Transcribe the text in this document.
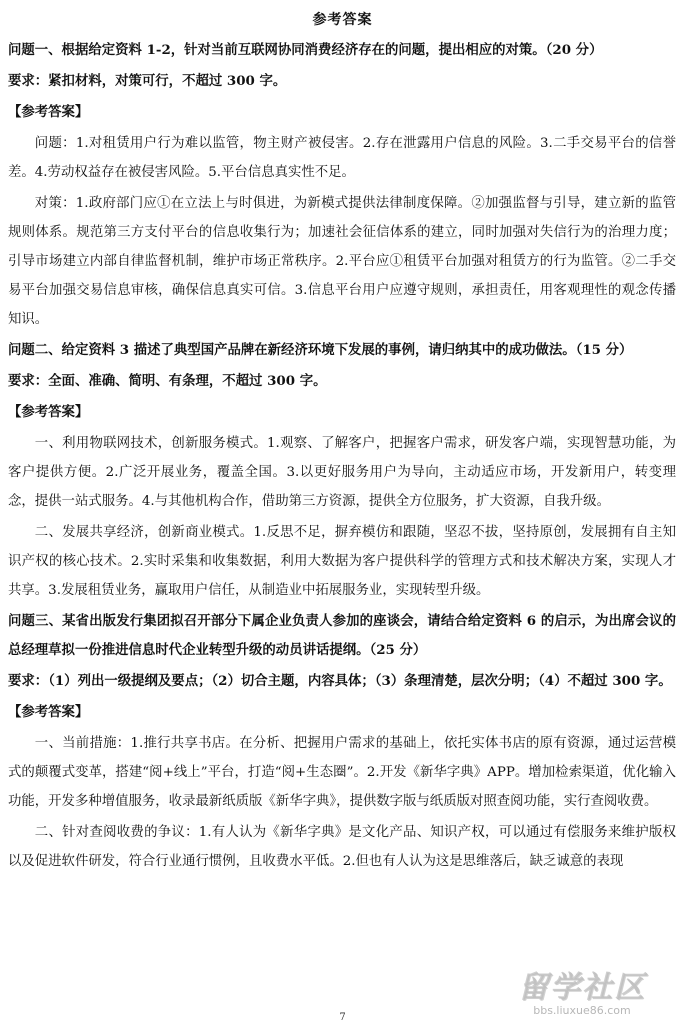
参考答案

问题一、根据给定资料 1-2，针对当前互联网协同消费经济存在的问题，提出相应的对策。（20 分）

要求：紧扣材料，对策可行，不超过 300 字。

【参考答案】

问题：1.对租赁用户行为难以监管，物主财产被侵害。2.存在泄露用户信息的风险。3.二手交易平台的信誉差。4.劳动权益存在被侵害风险。5.平台信息真实性不足。

对策：1.政府部门应①在立法上与时俱进，为新模式提供法律制度保障。②加强监督与引导，建立新的监管规则体系。规范第三方支付平台的信息收集行为；加速社会征信体系的建立，同时加强对失信行为的治理力度；引导市场建立内部自律监督机制，维护市场正常秩序。2.平台应①租赁平台加强对租赁方的行为监管。②二手交易平台加强交易信息审核，确保信息真实可信。3.信息平台用户应遵守规则，承担责任，用客观理性的观念传播知识。

问题二、给定资料 3 描述了典型国产品牌在新经济环境下发展的事例，请归纳其中的成功做法。（15 分）

要求：全面、准确、简明、有条理，不超过 300 字。

【参考答案】

一、利用物联网技术，创新服务模式。1.观察、了解客户，把握客户需求，研发客户端，实现智慧功能，为客户提供方便。2.广泛开展业务，覆盖全国。3.以更好服务用户为导向，主动适应市场，开发新用户，转变理念，提供一站式服务。4.与其他机构合作，借助第三方资源，提供全方位服务，扩大资源，自我升级。

二、发展共享经济，创新商业模式。1.反思不足，摒弃模仿和跟随，坚忍不拔，坚持原创，发展拥有自主知识产权的核心技术。2.实时采集和收集数据，利用大数据为客户提供科学的管理方式和技术解决方案，实现人才共享。3.发展租赁业务，赢取用户信任，从制造业中拓展服务业，实现转型升级。

问题三、某省出版发行集团拟召开部分下属企业负责人参加的座谈会，请结合给定资料 6 的启示，为出席会议的总经理草拟一份推进信息时代企业转型升级的动员讲话提纲。（25 分）

要求：（1）列出一级提纲及要点；（2）切合主题，内容具体；（3）条理清楚，层次分明；（4）不超过 300 字。

【参考答案】

一、当前措施：1.推行共享书店。在分析、把握用户需求的基础上，依托实体书店的原有资源，通过运营模式的颠覆式变革，搭建“阅+线上”平台，打造“阅+生态圈”。2.开发《新华字典》APP。增加检索渠道，优化输入功能，开发多种增值服务，收录最新纸质版《新华字典》，提供数字版与纸质版对照查阅功能，实行查阅收费。

二、针对查阅收费的争议：1.有人认为《新华字典》是文化产品、知识产权，可以通过有偿服务来维护版权以及促进软件研发，符合行业通行惯例，且收费水平低。2.但也有人认为这是思维落后，缺乏诚意的表现

留学社区
bbs.liuxue86.com
7
